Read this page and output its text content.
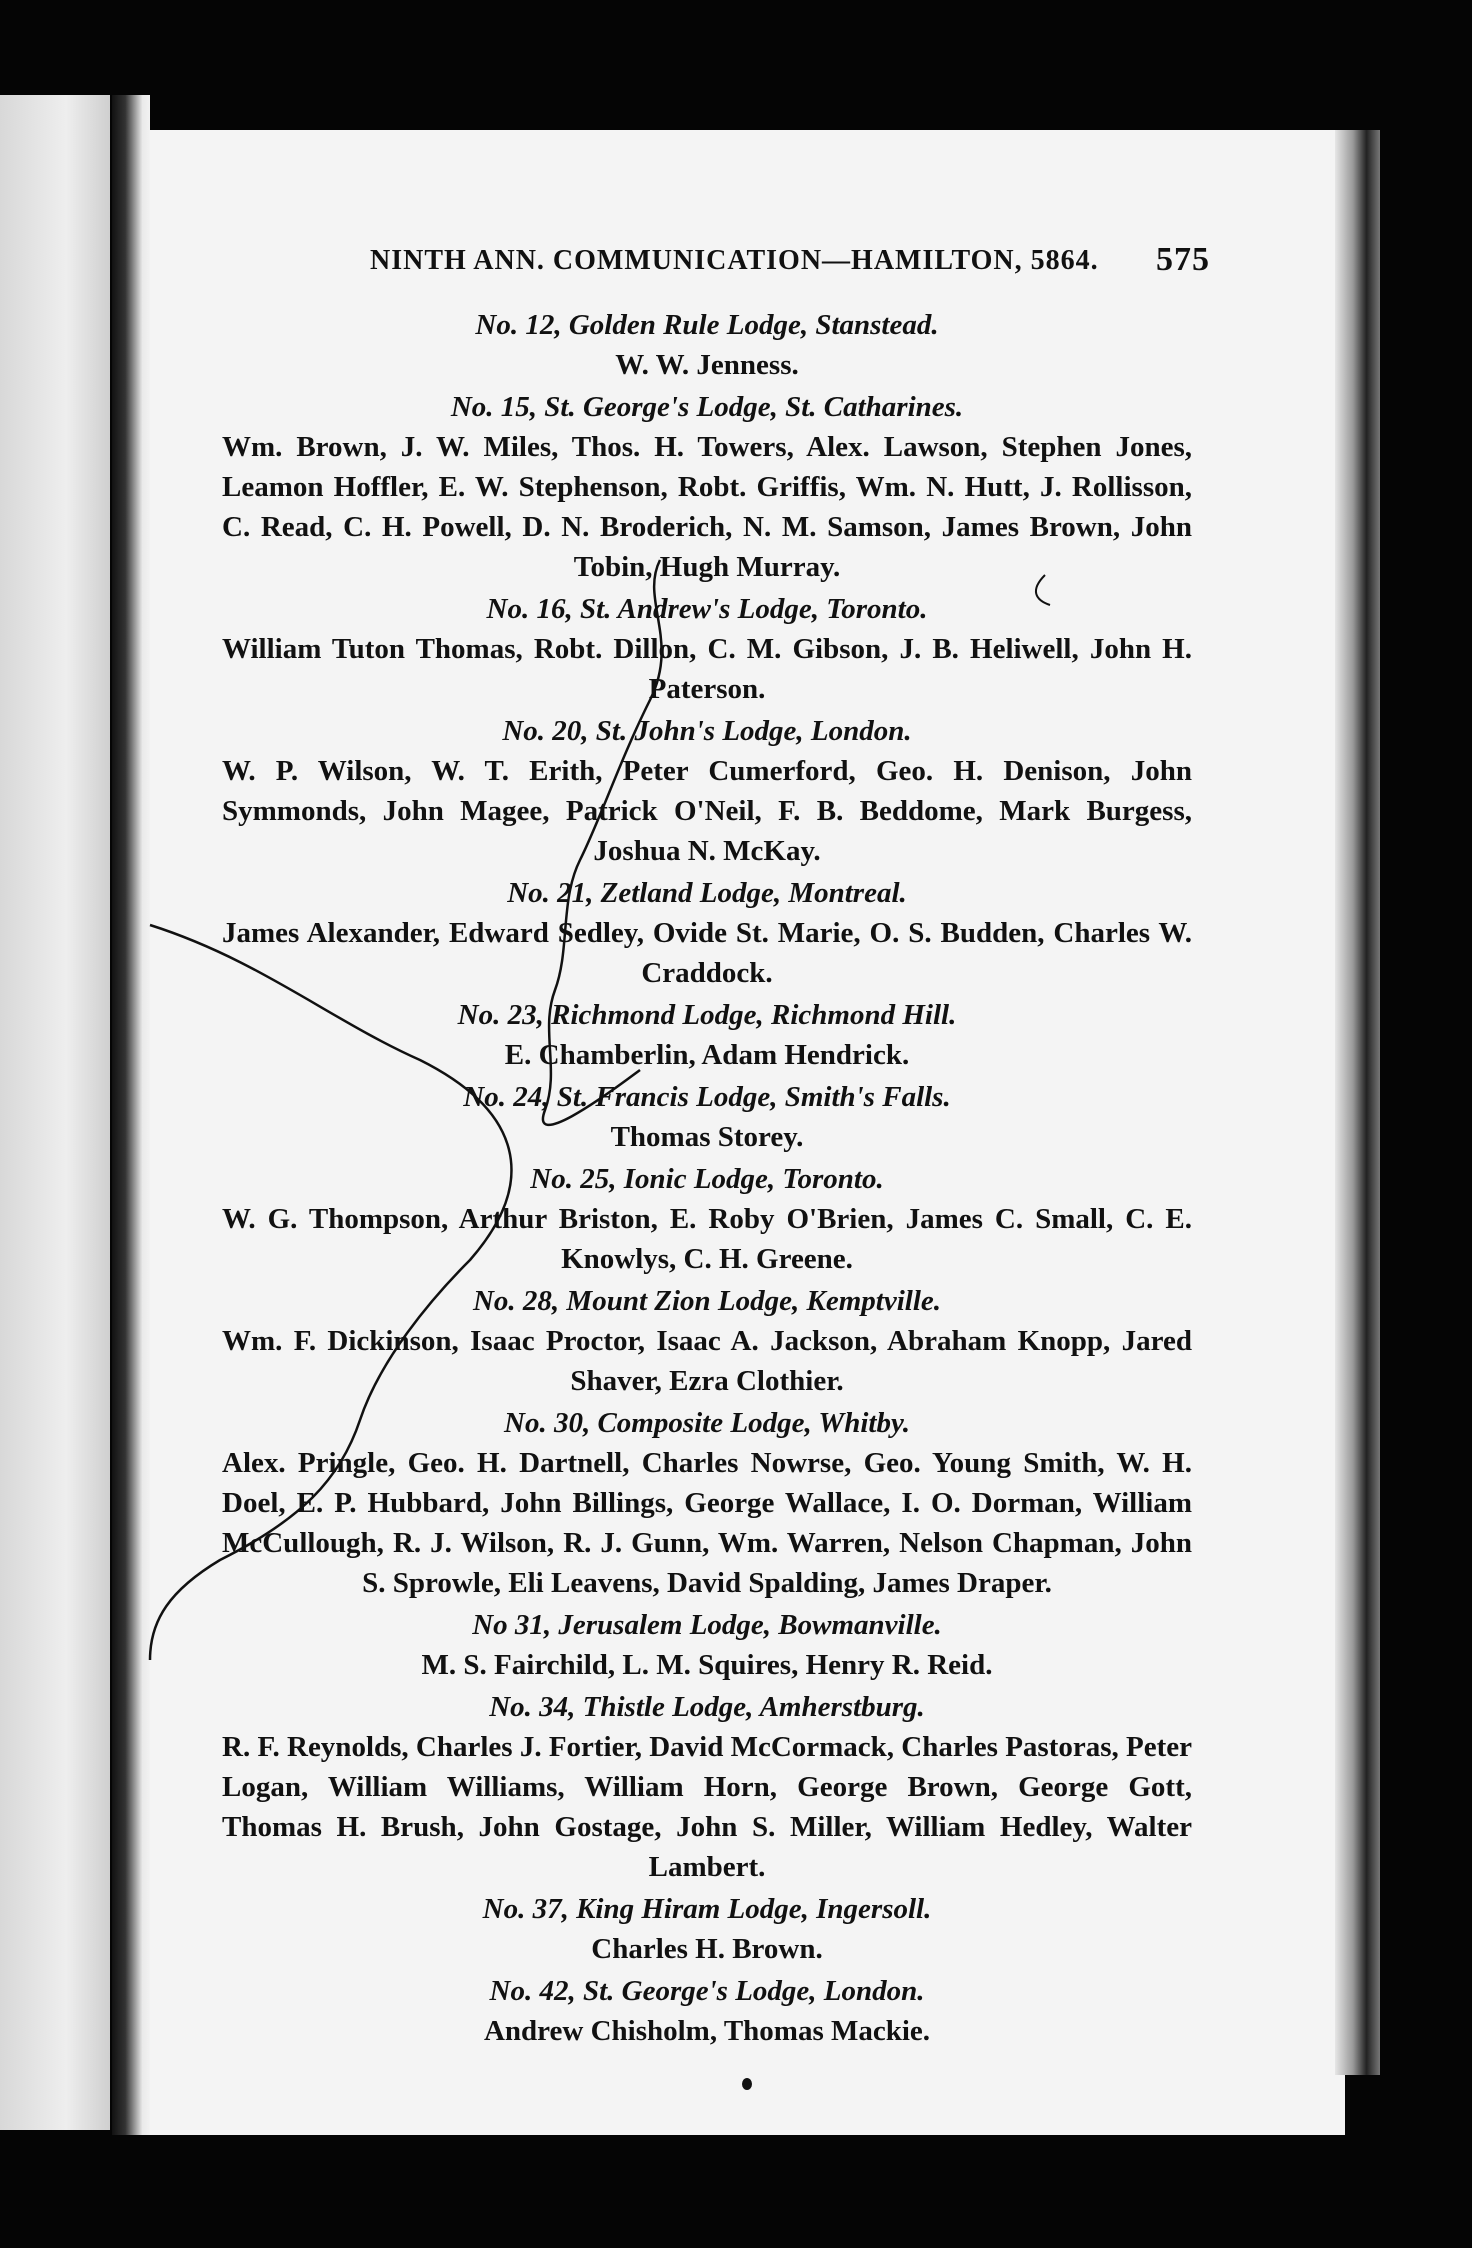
NINTH ANN. COMMUNICATION—HAMILTON, 5864. 575

No. 12, Golden Rule Lodge, Stanstead.

W. W. Jenness.

No. 15, St. George's Lodge, St. Catharines.

Wm. Brown, J. W. Miles, Thos. H. Towers, Alex. Lawson, Stephen Jones, Leamon Hoffler, E. W. Stephenson, Robt. Griffis, Wm. N. Hutt, J. Rollisson, C. Read, C. H. Powell, D. N. Broderich, N. M. Samson, James Brown, John Tobin, Hugh Murray.

No. 16, St. Andrew's Lodge, Toronto.

William Tuton Thomas, Robt. Dillon, C. M. Gibson, J. B. Heliwell, John H. Paterson.

No. 20, St. John's Lodge, London.

W. P. Wilson, W. T. Erith, Peter Cumerford, Geo. H. Denison, John Symmonds, John Magee, Patrick O'Neil, F. B. Beddome, Mark Burgess, Joshua N. McKay.

No. 21, Zetland Lodge, Montreal.

James Alexander, Edward Sedley, Ovide St. Marie, O. S. Budden, Charles W. Craddock.

No. 23, Richmond Lodge, Richmond Hill.

E. Chamberlin, Adam Hendrick.

No. 24, St. Francis Lodge, Smith's Falls.

Thomas Storey.

No. 25, Ionic Lodge, Toronto.

W. G. Thompson, Arthur Briston, E. Roby O'Brien, James C. Small, C. E. Knowlys, C. H. Greene.

No. 28, Mount Zion Lodge, Kemptville.

Wm. F. Dickinson, Isaac Proctor, Isaac A. Jackson, Abraham Knopp, Jared Shaver, Ezra Clothier.

No. 30, Composite Lodge, Whitby.

Alex. Pringle, Geo. H. Dartnell, Charles Nowrse, Geo. Young Smith, W. H. Doel, E. P. Hubbard, John Billings, George Wallace, I. O. Dorman, William McCullough, R. J. Wilson, R. J. Gunn, Wm. Warren, Nelson Chapman, John S. Sprowle, Eli Leavens, David Spalding, James Draper.

No 31, Jerusalem Lodge, Bowmanville.

M. S. Fairchild, L. M. Squires, Henry R. Reid.

No. 34, Thistle Lodge, Amherstburg.

R. F. Reynolds, Charles J. Fortier, David McCormack, Charles Pastoras, Peter Logan, William Williams, William Horn, George Brown, George Gott, Thomas H. Brush, John Gostage, John S. Miller, William Hedley, Walter Lambert.

No. 37, King Hiram Lodge, Ingersoll.

Charles H. Brown.

No. 42, St. George's Lodge, London.

Andrew Chisholm, Thomas Mackie.
